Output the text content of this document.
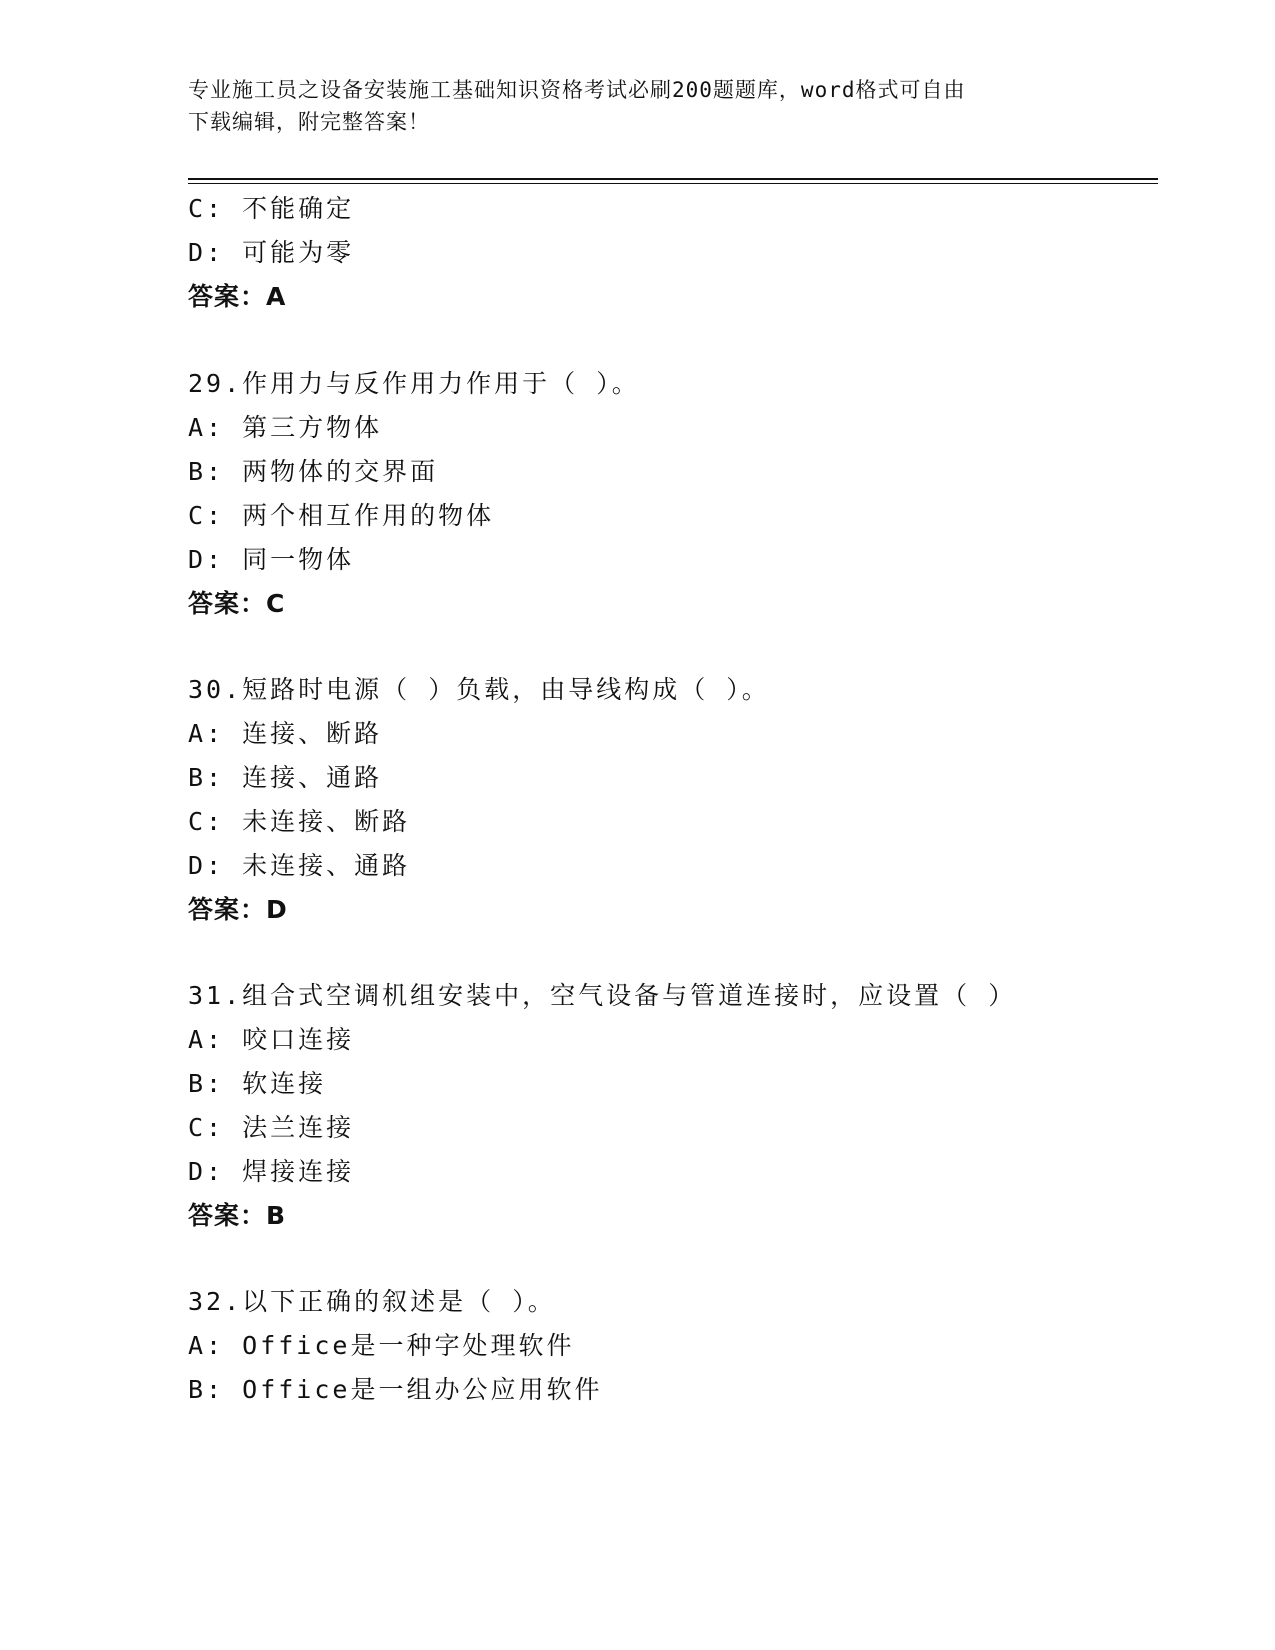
专业施工员之设备安装施工基础知识资格考试必刷200题题库，word格式可自由
下载编辑，附完整答案！
C: 不能确定
D: 可能为零
答案：A
29.作用力与反作用力作用于（ ）。
A: 第三方物体
B: 两物体的交界面
C: 两个相互作用的物体
D: 同一物体
答案：C
30.短路时电源（ ）负载，由导线构成（ ）。
A: 连接、断路
B: 连接、通路
C: 未连接、断路
D: 未连接、通路
答案：D
31.组合式空调机组安装中，空气设备与管道连接时，应设置（ ）
A: 咬口连接
B: 软连接
C: 法兰连接
D: 焊接连接
答案：B
32.以下正确的叙述是（ ）。
A: Office是一种字处理软件
B: Office是一组办公应用软件
